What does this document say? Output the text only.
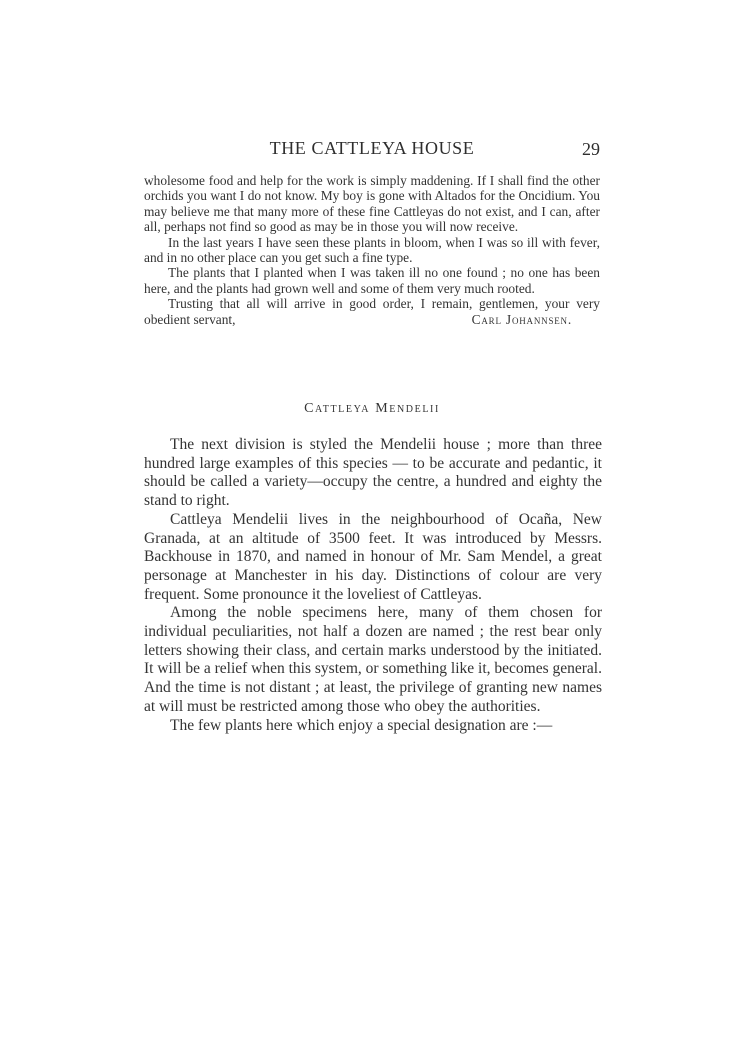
THE CATTLEYA HOUSE	29

wholesome food and help for the work is simply maddening. If I shall find the other orchids you want I do not know. My boy is gone with Altados for the Oncidium. You may believe me that many more of these fine Cattleyas do not exist, and I can, after all, perhaps not find so good as may be in those you will now receive.

In the last years I have seen these plants in bloom, when I was so ill with fever, and in no other place can you get such a fine type.

The plants that I planted when I was taken ill no one found ; no one has been here, and the plants had grown well and some of them very much rooted.

Trusting that all will arrive in good order, I remain, gentlemen, your very obedient servant,	Carl Johannsen.

Cattleya Mendelii

The next division is styled the Mendelii house ; more than three hundred large examples of this species — to be accurate and pedantic, it should be called a variety—occupy the centre, a hundred and eighty the stand to right.

Cattleya Mendelii lives in the neighbourhood of Ocaña, New Granada, at an altitude of 3500 feet. It was introduced by Messrs. Backhouse in 1870, and named in honour of Mr. Sam Mendel, a great personage at Manchester in his day. Distinctions of colour are very frequent. Some pronounce it the loveliest of Cattleyas.

Among the noble specimens here, many of them chosen for individual peculiarities, not half a dozen are named ; the rest bear only letters showing their class, and certain marks understood by the initiated. It will be a relief when this system, or something like it, becomes general. And the time is not distant ; at least, the privilege of granting new names at will must be restricted among those who obey the authorities.

The few plants here which enjoy a special designation are :—
